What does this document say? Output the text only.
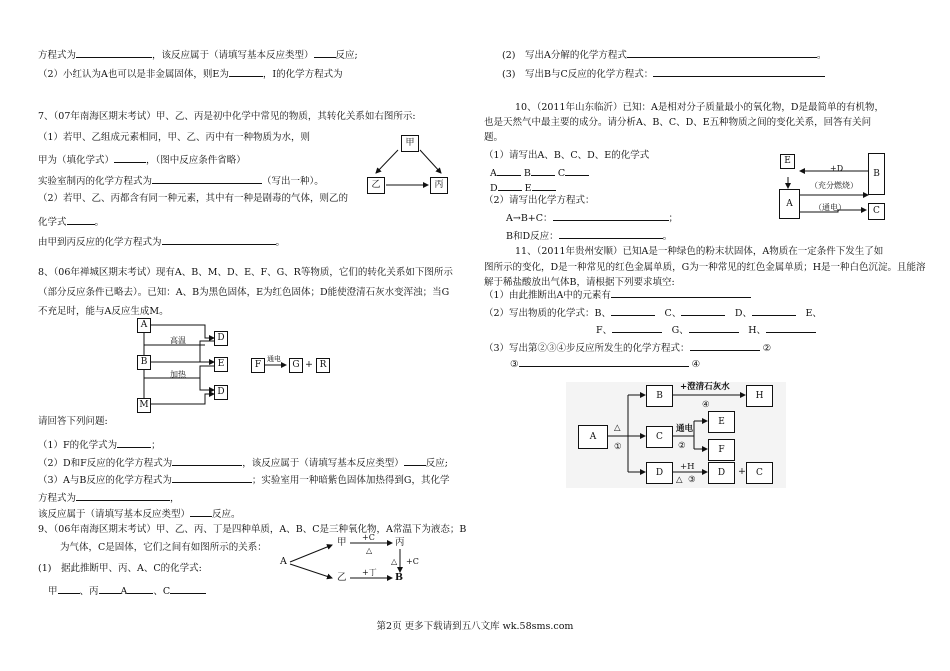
方程式为	，该反应属于（请填写基本反应类型） 反应;
（2）小红认为A也可以是非金属固体，则E为	，Ⅰ的化学方程式为
7、（07年南海区期末考试）甲、乙、丙是初中化学中常见的物质，其转化关系如右图所示:
（1）若甲、乙组成元素相同，甲、乙、丙中有一种物质为水，则
甲为（填化学式）	，（图中反应条件省略）
实验室制丙的化学方程式为	（写出一种）。
（2）若甲、乙、丙都含有同一种元素，其中有一种是剧毒的气体，则乙的
化学式	。
由甲到丙反应的化学方程式为	。
甲
乙	丙
8、（06年禅城区期末考试）现有A、B、M、D、E、F、G、R等物质，它们的转化关系如下图所示
（部分反应条件已略去）。已知：A、B为黑色固体，E为红色固体；D能使澄清石灰水变浑浊；当G
不充足时，能与A反应生成M。
A
B
M
D
E
D
高温
加热
F
通电
G + R
请回答下列问题:
（1）F的化学式为	；
（2）D和F反应的化学方程式为	，该反应属于（请填写基本反应类型） 反应;
（3）A与B反应的化学方程式为	；实验室用一种暗紫色固体加热得到G，其化学
方程式为	，
该反应属于（请填写基本反应类型） 反应。
9、（06年南海区期末考试）甲、乙、丙、丁是四种单质，A、B、C是三种氧化物，A常温下为液态；B
为气体，C是固体，它们之间有如图所示的关系：
(1)　据此推断甲、丙、A、C的化学式:
甲 、丙 A	、C
A
甲
乙
丙
B
+C
△
+丁
+C
△
(2)　写出A分解的化学方程式	。
(3)　写出B与C反应的化学方程式：
10、（2011年山东临沂）已知：A是相对分子质量最小的氧化物，D是最简单的有机物，
也是天然气中最主要的成分。请分析A、B、C、D、E五种物质之间的变化关系，回答有关问
题。
（1）请写出A、B、C、D、E的化学式
A	B	C
D	E
（2）请写出化学方程式：
A→B+C：	；
B和D反应：	。
E
A
B
C
+D
（充分燃烧）
（通电）
11、（2011年贵州安顺）已知A是一种绿色的粉末状固体，A物质在一定条件下发生了如
图所示的变化，D是一种常见的红色金属单质，G为一种常见的红色金属单质；H是一种白色沉淀。且能溶
解于稀盐酸放出气体B，请根据下列要求填空:
（1）由此推断出A中的元素有
（2）写出物质的化学式：B、　	C、　	D、　	E、
F、　	G、　	H、
（3）写出第②③④步反应所发生的化学方程式：	②
③	④
A
B
C
D
E
F
D
H
+	C
+澄清石灰水
④
△
①
通电
②
+H
△ ③
第2页 更多下载请到五八文库 wk.58sms.com
